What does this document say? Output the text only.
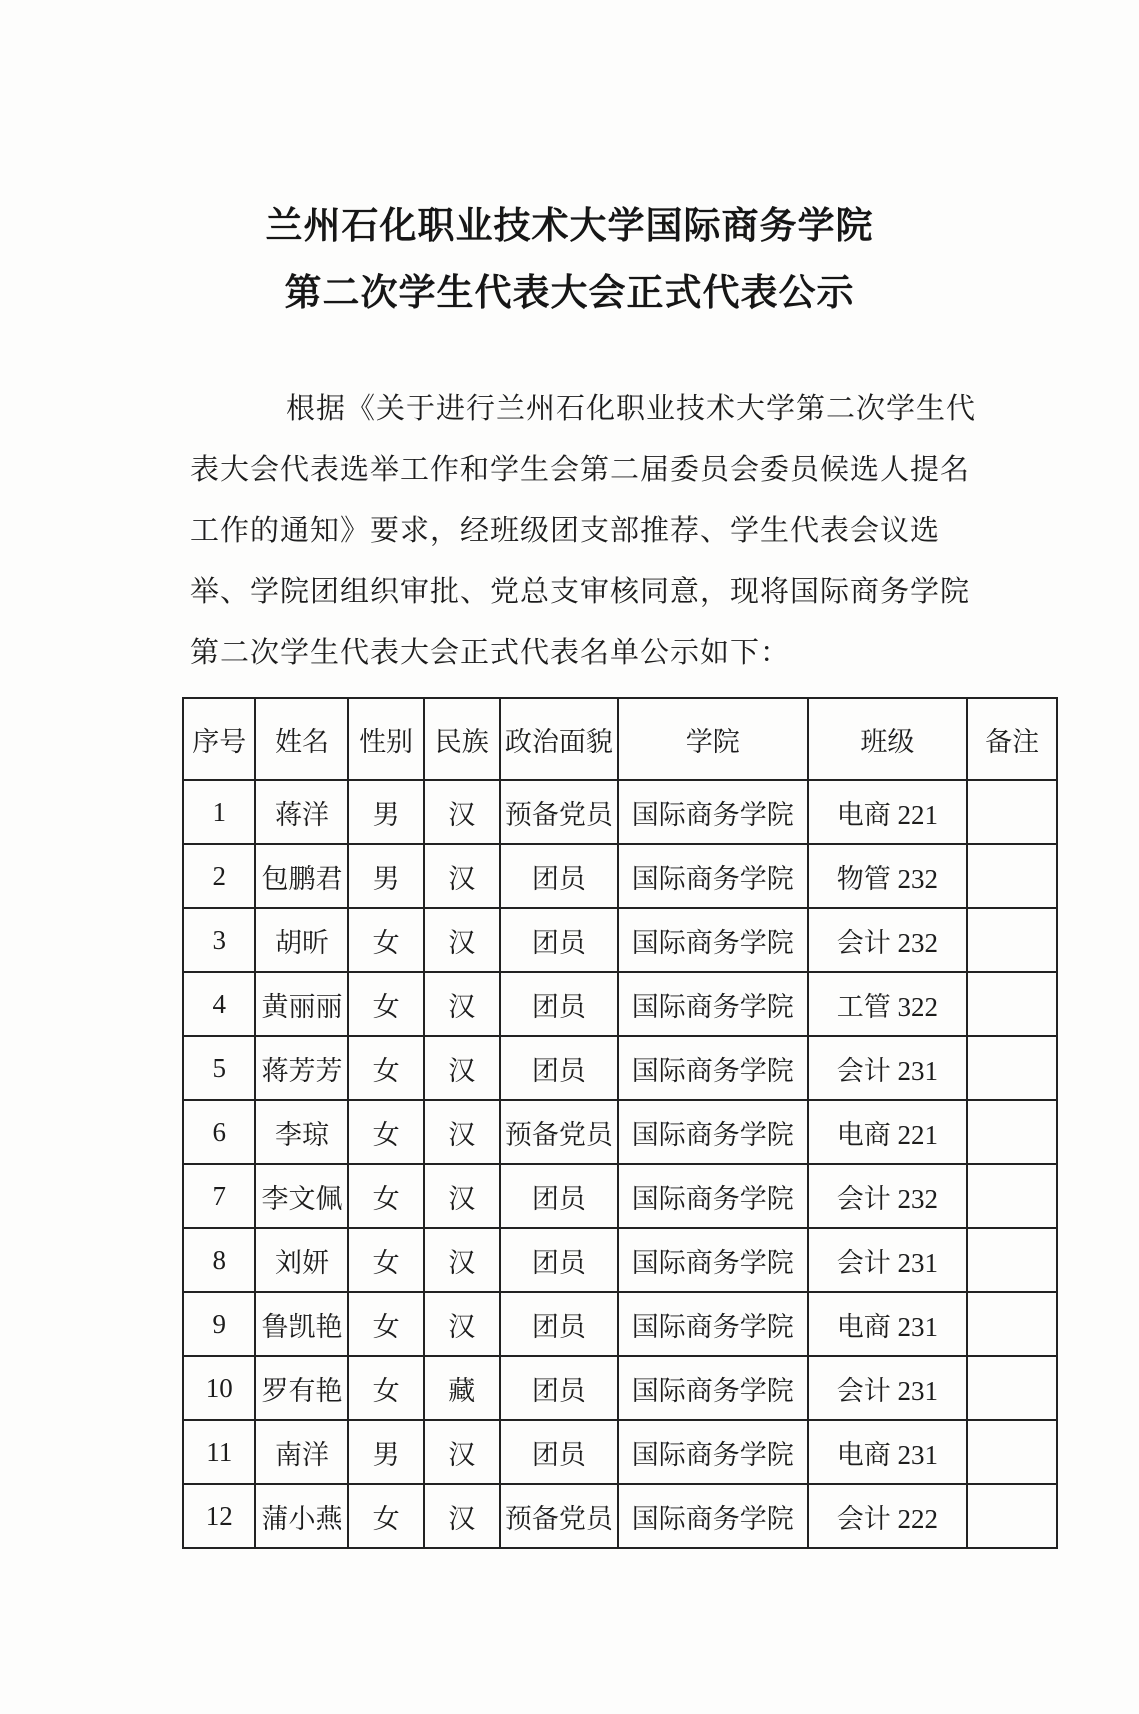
兰州石化职业技术大学国际商务学院
第二次学生代表大会正式代表公示
根据《关于进行兰州石化职业技术大学第二次学生代表大会代表选举工作和学生会第二届委员会委员候选人提名工作的通知》要求，经班级团支部推荐、学生代表会议选举、学院团组织审批、党总支审核同意，现将国际商务学院第二次学生代表大会正式代表名单公示如下：
序号	姓名	性别	民族	政治面貌	学院	班级	备注
1	蒋洋	男	汉	预备党员	国际商务学院	电商 221	
2	包鹏君	男	汉	团员	国际商务学院	物管 232	
3	胡昕	女	汉	团员	国际商务学院	会计 232	
4	黄丽丽	女	汉	团员	国际商务学院	工管 322	
5	蒋芳芳	女	汉	团员	国际商务学院	会计 231	
6	李琼	女	汉	预备党员	国际商务学院	电商 221	
7	李文佩	女	汉	团员	国际商务学院	会计 232	
8	刘妍	女	汉	团员	国际商务学院	会计 231	
9	鲁凯艳	女	汉	团员	国际商务学院	电商 231	
10	罗有艳	女	藏	团员	国际商务学院	会计 231	
11	南洋	男	汉	团员	国际商务学院	电商 231	
12	蒲小燕	女	汉	预备党员	国际商务学院	会计 222	
